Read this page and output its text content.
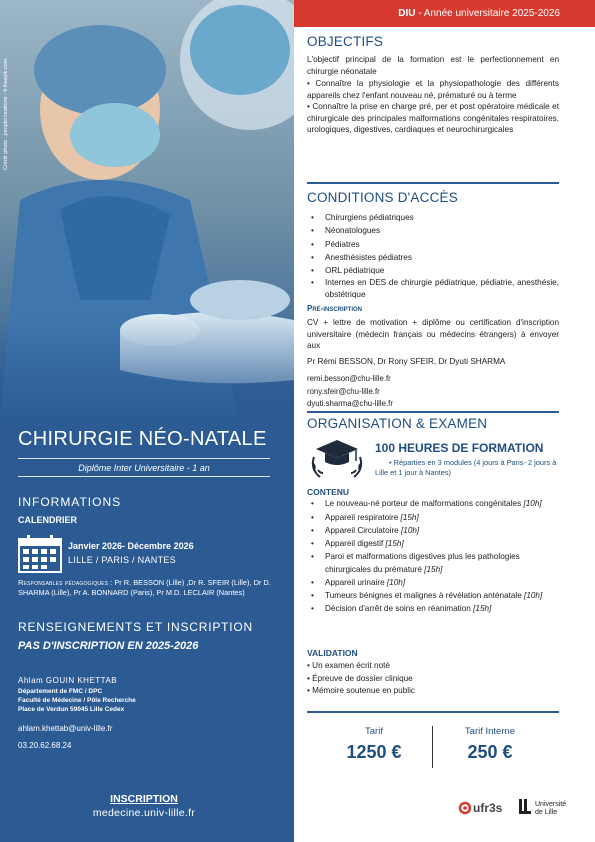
Crédit photo : peoplecreations - fr.freepik.com
CHIRURGIE NÉO-NATALE
Diplôme Inter Universitaire - 1 an
INFORMATIONS
CALENDRIER
Janvier 2026- Décembre 2026
LILLE / PARIS / NANTES
Responsables pédagogiques : Pr R. BESSON (Lille) ,Dr R. SFEIR (Lille), Dr D. SHARMA (Lille), Pr A. BONNARD (Paris), Pr M.D. LECLAIR (Nantes)
RENSEIGNEMENTS ET INSCRIPTION
PAS D'INSCRIPTION EN 2025-2026
Ahlam GOUIN KHETTAB
Département de FMC / DPC
Faculté de Médecine / Pôle Recherche
Place de Verdun 59045 Lille Cedex
ahlam.khettab@univ-lille.fr
03.20.62.68.24
INSCRIPTION
medecine.univ-lille.fr
DIU - Année universitaire 2025-2026
OBJECTIFS
L'objectif principal de la formation est le perfectionnement en chirurgie néonatale
• Connaître la physiologie et la physiopathologie des différents appareils chez l'enfant nouveau né, prématuré ou à terme
• Connaître la prise en charge pré, per et post opératoire médicale et chirurgicale des principales malformations congénitales respiratoires, urologiques, digestives, cardiaques et neurochirurgicales
CONDITIONS D'ACCÈS
• Chirurgiens pédiatriques
• Néonatologues
• Pédiatres
• Anesthésistes pédiatres
• ORL pédiatrique
• Internes en DES de chirurgie pédiatrique, pédiatrie, anesthésie, obstétrique
Pré-inscription
CV + lettre de motivation + diplôme ou certification d'inscription universitaire (médecin français ou médecins étrangers) à envoyer aux
Pr Rémi BESSON, Dr Rony SFEIR, Dr Dyuti SHARMA
remi.besson@chu-lille.fr
rony.sfeir@chu-lille.fr
dyuti.sharma@chu-lille.fr
ORGANISATION & EXAMEN
100 HEURES DE FORMATION
• Réparties en 3 modules (4 jours à Paris- 2 jours à Lille et 1 jour à Nantes)
CONTENU
• Le nouveau-né porteur de malformations congénitales [10h]
• Appareil respiratoire [15h]
• Appareil Circulatoire [10h]
• Appareil digestif [15h]
• Paroi et malformations digestives plus les pathologies chirurgicales du prématuré [15h]
• Appareil urinaire [10h]
• Tumeurs bénignes et malignes à révélation anténatale [10h]
• Décision d'arrêt de soins en réanimation [15h]
VALIDATION
• Un examen écrit noté
• Épreuve de dossier clinique
• Mémoire soutenue en public
Tarif
1250 €
Tarif Interne
250 €
ufr3s	Université
de Lille
